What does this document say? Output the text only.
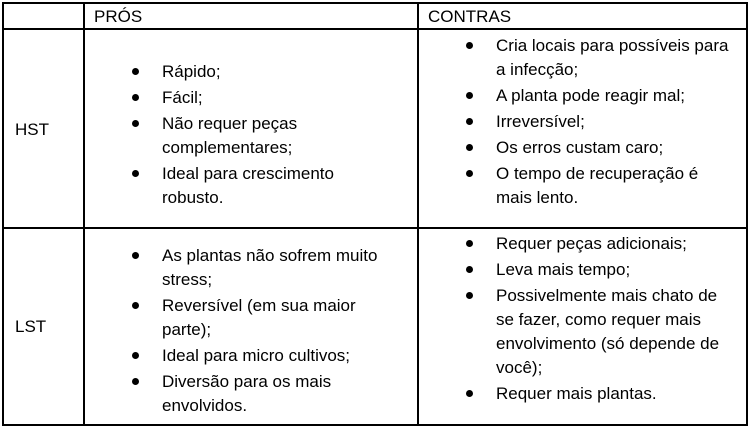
PRÓS	CONTRAS
HST
Rápido;
Fácil;
Não requer peças complementares;
Ideal para crescimento robusto.
Cria locais para possíveis para a infecção;
A planta pode reagir mal;
Irreversível;
Os erros custam caro;
O tempo de recuperação é mais lento.
LST
As plantas não sofrem muito stress;
Reversível (em sua maior parte);
Ideal para micro cultivos;
Diversão para os mais envolvidos.
Requer peças adicionais;
Leva mais tempo;
Possivelmente mais chato de se fazer, como requer mais envolvimento (só depende de você);
Requer mais plantas.
